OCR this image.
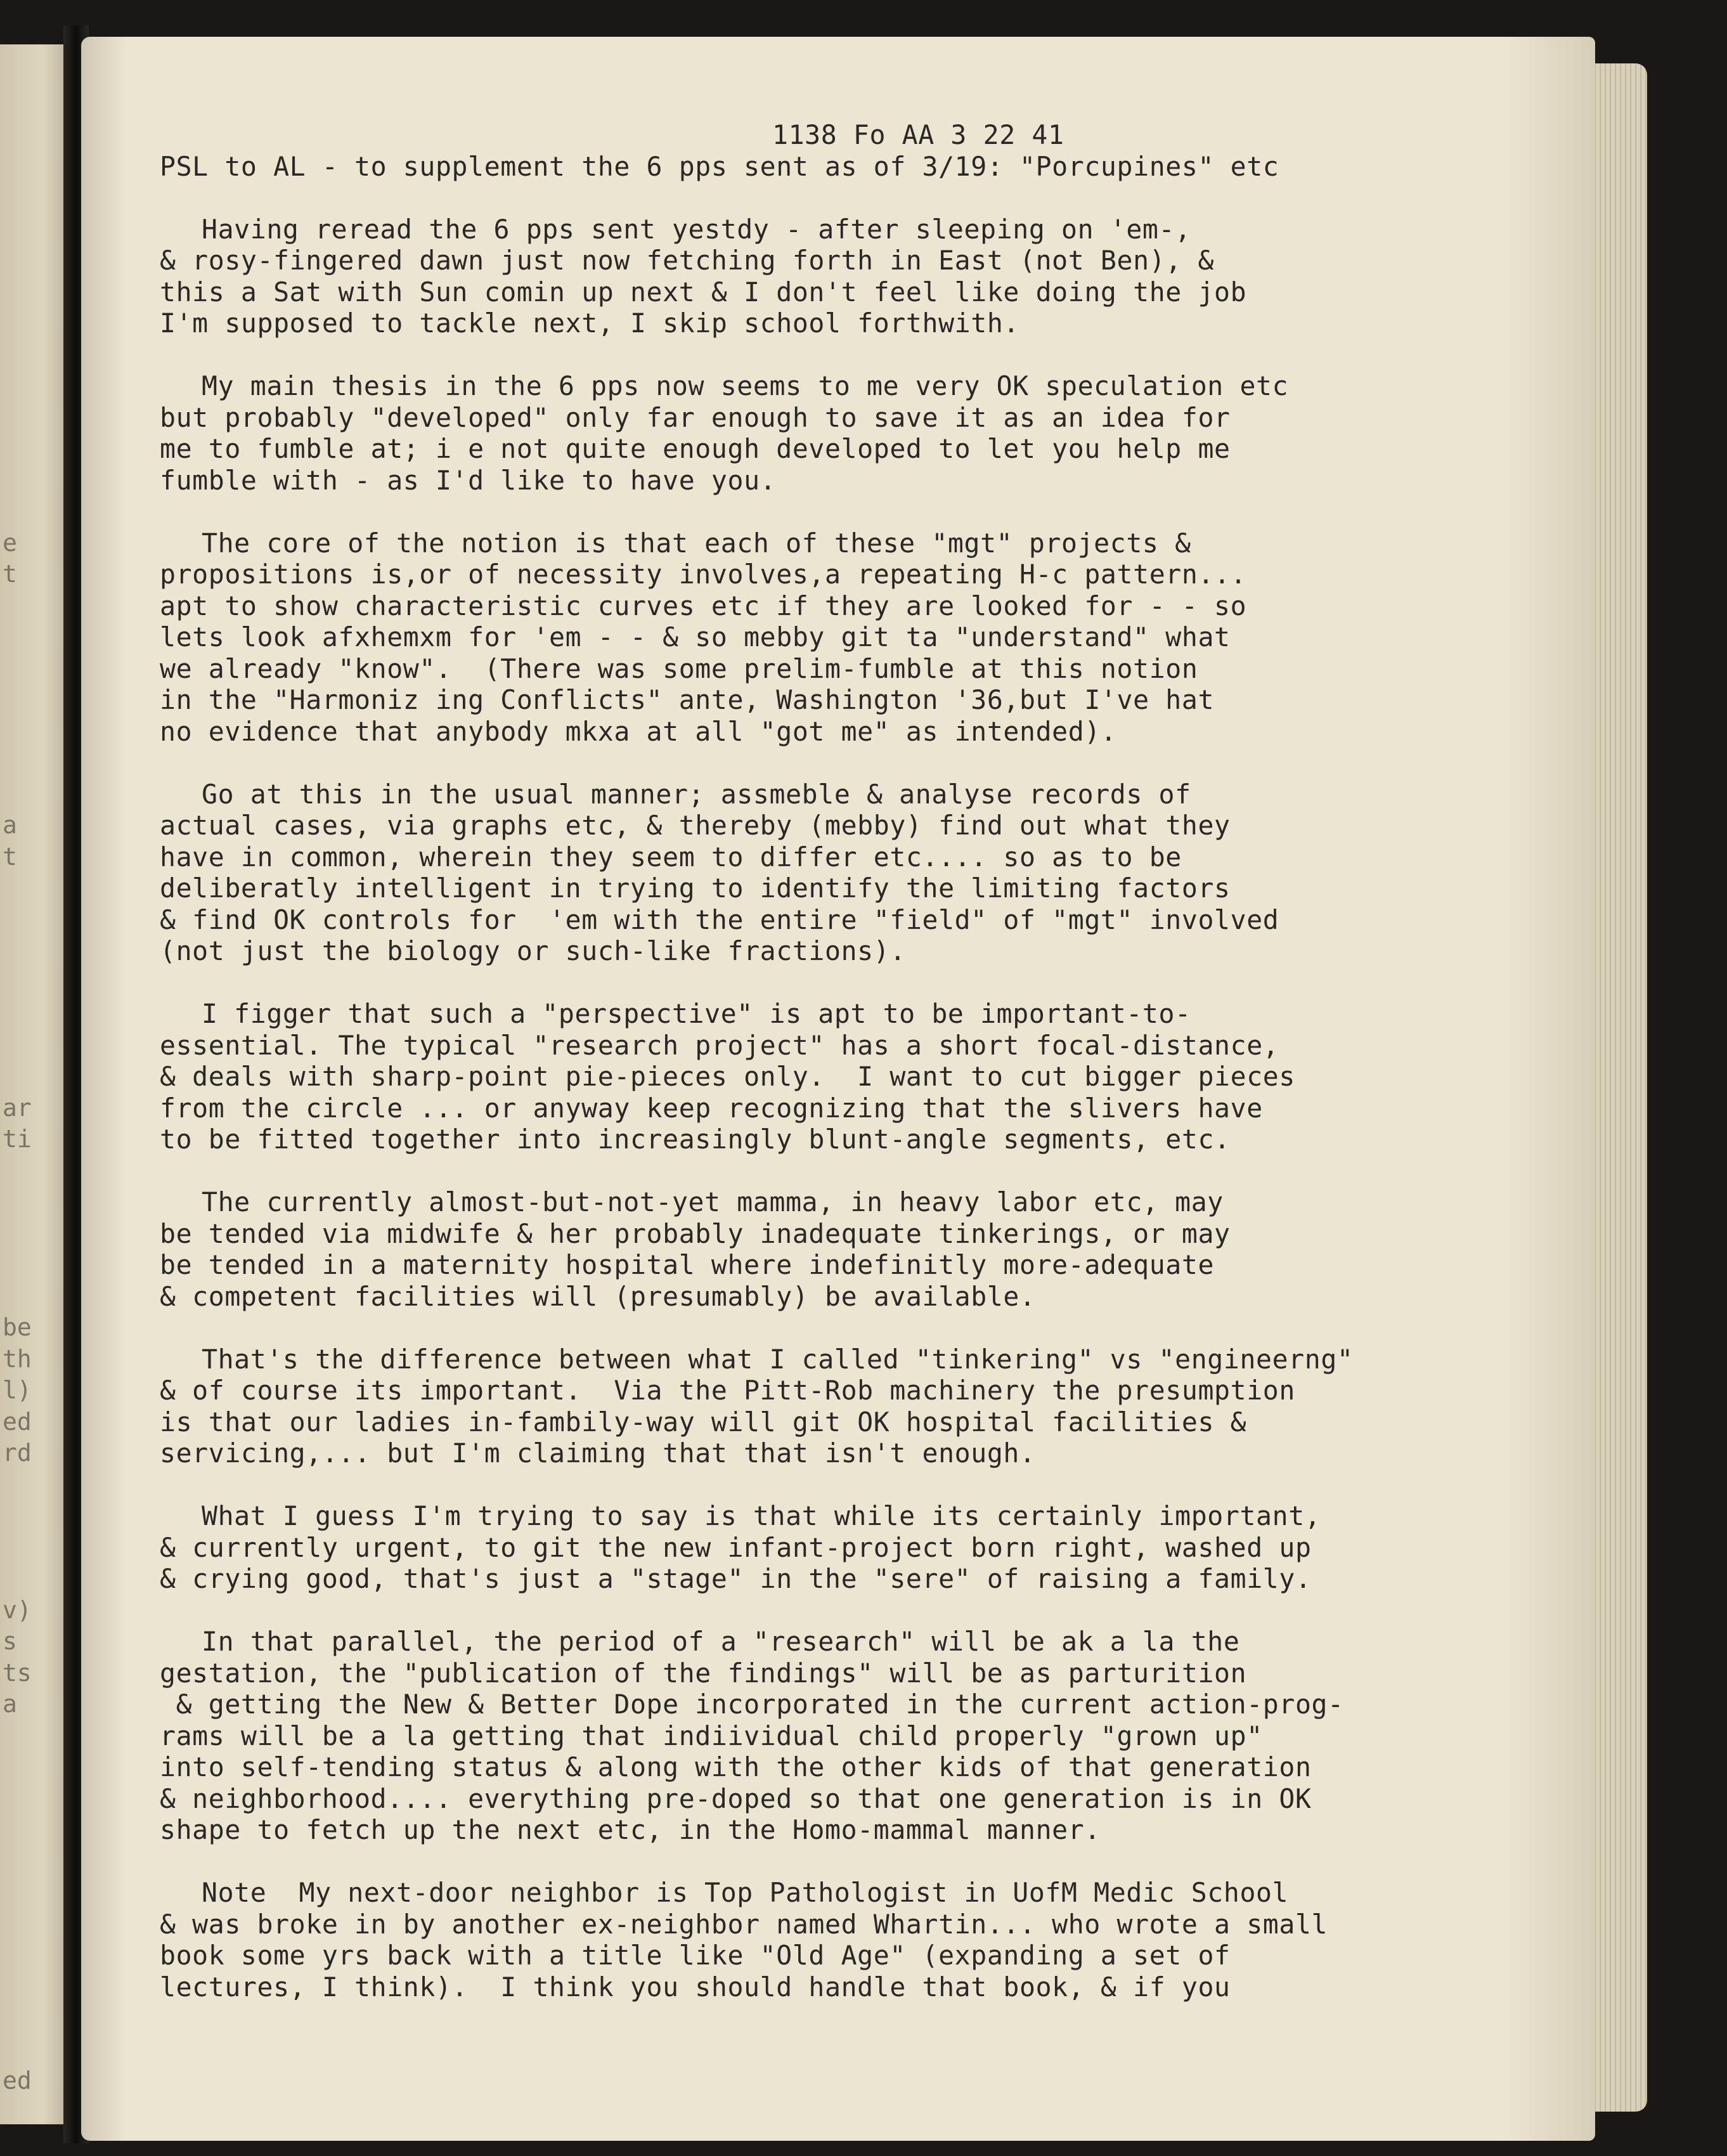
e
t
a
t
ar
ti
be
th
l)
ed
rd
v)
s
ts
a
ed
1138 Fo AA 3 22 41
PSL to AL - to supplement the 6 pps sent as of 3/19: "Porcupines" etc
Having reread the 6 pps sent yestdy - after sleeping on 'em-,
& rosy-fingered dawn just now fetching forth in East (not Ben), &
this a Sat with Sun comin up next & I don't feel like doing the job
I'm supposed to tackle next, I skip school forthwith.
My main thesis in the 6 pps now seems to me very OK speculation etc
but probably "developed" only far enough to save it as an idea for
me to fumble at; i e not quite enough developed to let you help me
fumble with - as I'd like to have you.
The core of the notion is that each of these "mgt" projects &
propositions is,or of necessity involves,a repeating H-c pattern...
apt to show characteristic curves etc if they are looked for - - so
lets look afxhemxm for 'em - - & so mebby git ta "understand" what
we already "know".  (There was some prelim-fumble at this notion
in the "Harmoniz ing Conflicts" ante, Washington '36,but I've hat
no evidence that anybody mkxa at all "got me" as intended).
Go at this in the usual manner; assmeble & analyse records of
actual cases, via graphs etc, & thereby (mebby) find out what they
have in common, wherein they seem to differ etc.... so as to be
deliberatly intelligent in trying to identify the limiting factors
& find OK controls for  'em with the entire "field" of "mgt" involved
(not just the biology or such-like fractions).
I figger that such a "perspective" is apt to be important-to-
essential. The typical "research project" has a short focal-distance,
& deals with sharp-point pie-pieces only.  I want to cut bigger pieces
from the circle ... or anyway keep recognizing that the slivers have
to be fitted together into increasingly blunt-angle segments, etc.
The currently almost-but-not-yet mamma, in heavy labor etc, may
be tended via midwife & her probably inadequate tinkerings, or may
be tended in a maternity hospital where indefinitly more-adequate
& competent facilities will (presumably) be available.
That's the difference between what I called "tinkering" vs "engineerng"
& of course its important.  Via the Pitt-Rob machinery the presumption
is that our ladies in-fambily-way will git OK hospital facilities &
servicing,... but I'm claiming that that isn't enough.
What I guess I'm trying to say is that while its certainly important,
& currently urgent, to git the new infant-project born right, washed up
& crying good, that's just a "stage" in the "sere" of raising a family.
In that parallel, the period of a "research" will be ak a la the
gestation, the "publication of the findings" will be as parturition
& getting the New & Better Dope incorporated in the current action-prog-
rams will be a la getting that indiividual child properly "grown up"
into self-tending status & along with the other kids of that generation
& neighborhood.... everything pre-doped so that one generation is in OK
shape to fetch up the next etc, in the Homo-mammal manner.
Note  My next-door neighbor is Top Pathologist in UofM Medic School
& was broke in by another ex-neighbor named Whartin... who wrote a small
book some yrs back with a title like "Old Age" (expanding a set of
lectures, I think).  I think you should handle that book, & if you
